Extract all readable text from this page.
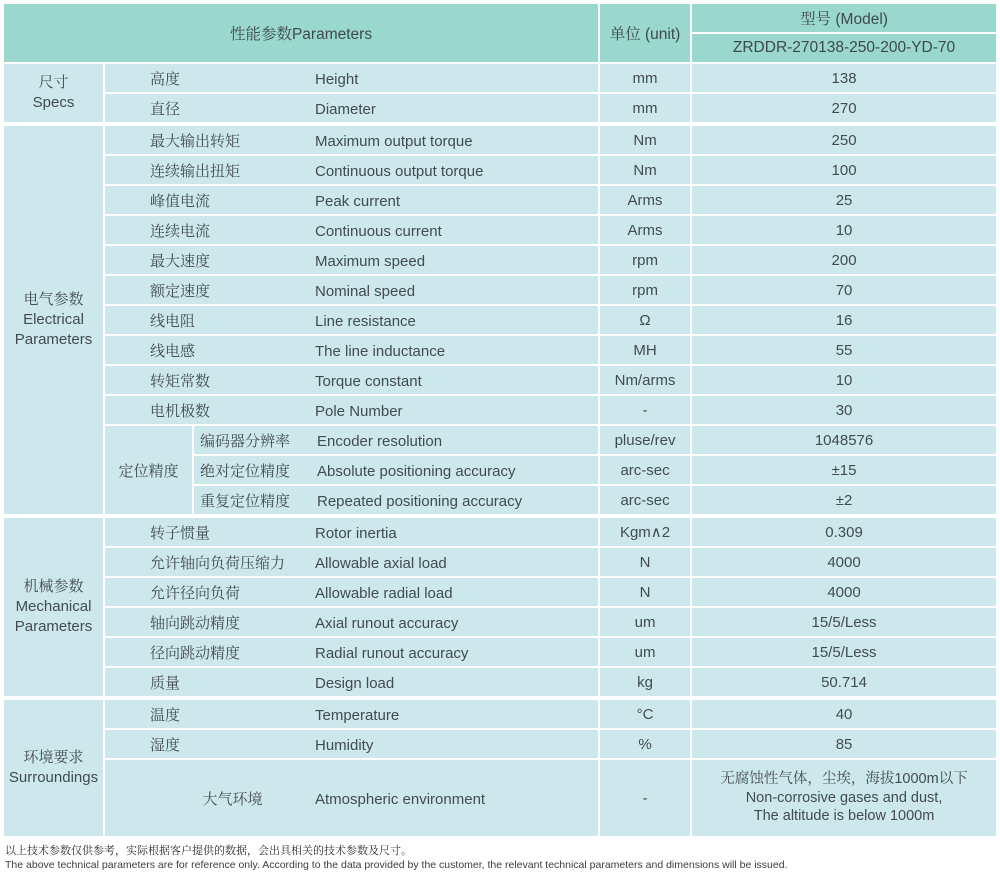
性能参数Parameters			单位 (unit)	型号 (Model)
				ZRDDR-270138-250-200-YD-70
尺寸
Specs	高度 Height		mm	138
	直径 Diameter		mm	270
电气参数
Electrical
Parameters	最大输出转矩 Maximum output torque		Nm	250
	连续输出扭矩 Continuous output torque		Nm	100
	峰值电流 Peak current		Arms	25
	连续电流 Continuous current		Arms	10
	最大速度 Maximum speed		rpm	200
	额定速度 Nominal speed		rpm	70
	线电阻 Line resistance		Ω	16
	线电感 The line inductance		MH	55
	转矩常数 Torque constant		Nm/arms	10
	电机极数 Pole Number		-	30
	定位精度	编码器分辨率 Encoder resolution	pluse/rev	1048576
		绝对定位精度 Absolute positioning accuracy	arc-sec	±15
		重复定位精度 Repeated positioning accuracy	arc-sec	±2
机械参数
Mechanical
Parameters	转子惯量 Rotor inertia		Kgm∧2	0.309
	允许轴向负荷压缩力 Allowable axial load		N	4000
	允许径向负荷 Allowable radial load		N	4000
	轴向跳动精度 Axial runout accuracy		um	15/5/Less
	径向跳动精度 Radial runout accuracy		um	15/5/Less
	质量 Design load		kg	50.714
环境要求
Surroundings	温度 Temperature		°C	40
	湿度 Humidity		%	85
	大气环境 Atmospheric environment		-	无腐蚀性气体，尘埃，海拔1000m以下
Non-corrosive gases and dust,
The altitude is below 1000m
以上技术参数仅供参考，实际根据客户提供的数据，会出具相关的技术参数及尺寸。
The above technical parameters are for reference only. According to the data provided by the customer, the relevant technical parameters and dimensions will be issued.
